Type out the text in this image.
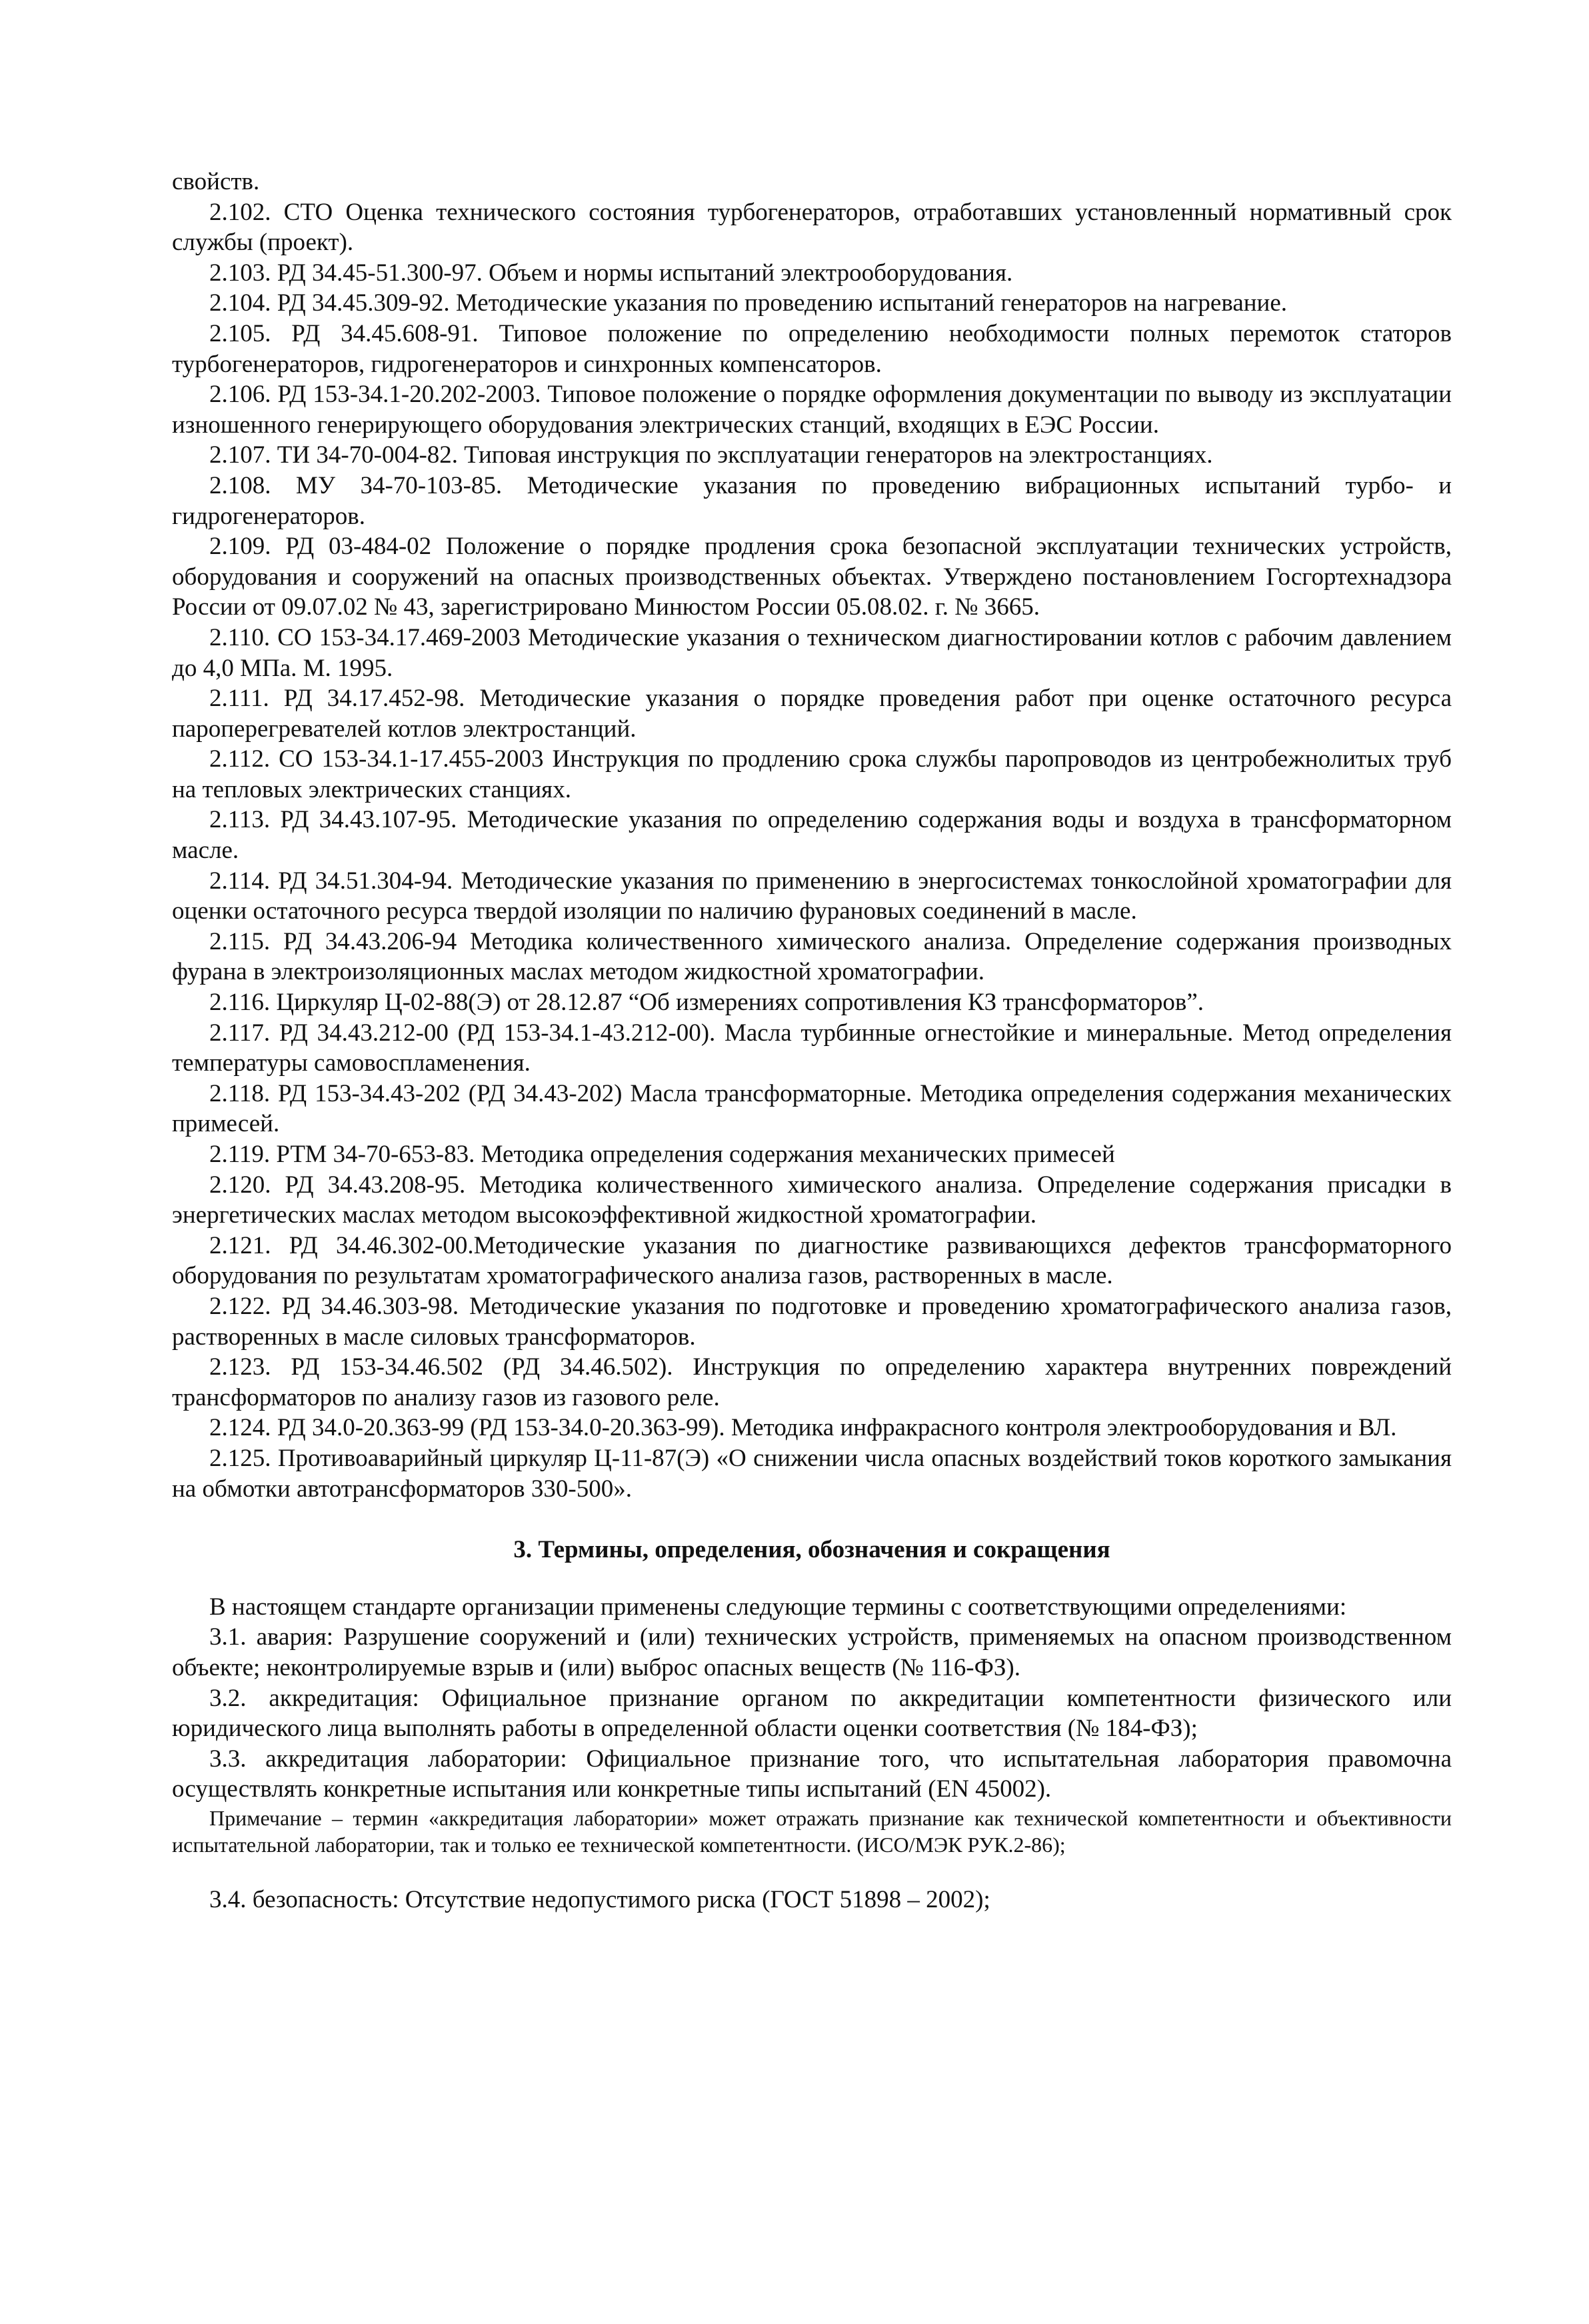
свойств.

2.102. СТО Оценка технического состояния турбогенераторов, отработавших установленный нормативный срок службы (проект).

2.103. РД 34.45-51.300-97. Объем и нормы испытаний электрооборудования.

2.104. РД 34.45.309-92. Методические указания по проведению испытаний генераторов на нагревание.

2.105. РД 34.45.608-91. Типовое положение по определению необходимости полных перемоток статоров турбогенераторов, гидрогенераторов и синхронных компенсаторов.

2.106. РД 153-34.1-20.202-2003. Типовое положение о порядке оформления документации по выводу из эксплуатации изношенного генерирующего оборудования электрических станций, входящих в ЕЭС России.

2.107. ТИ 34-70-004-82. Типовая инструкция по эксплуатации генераторов на электростанциях.

2.108. МУ 34-70-103-85. Методические указания по проведению вибрационных испытаний турбо- и гидрогенераторов.

2.109. РД 03-484-02 Положение о порядке продления срока безопасной эксплуатации технических устройств, оборудования и сооружений на опасных производственных объектах. Утверждено постановлением Госгортехнадзора России от 09.07.02 № 43, зарегистрировано Минюстом России 05.08.02. г. № 3665.

2.110. СО 153-34.17.469-2003 Методические указания о техническом диагностировании котлов с рабочим давлением до 4,0 МПа. М. 1995.

2.111. РД 34.17.452-98. Методические указания о порядке проведения работ при оценке остаточного ресурса пароперегревателей котлов электростанций.

2.112. СО 153-34.1-17.455-2003 Инструкция по продлению срока службы паропроводов из центробежнолитых труб на тепловых электрических станциях.

2.113. РД 34.43.107-95. Методические указания по определению содержания воды и воздуха в трансформаторном масле.

2.114. РД 34.51.304-94. Методические указания по применению в энергосистемах тонкослойной хроматографии для оценки остаточного ресурса твердой изоляции по наличию фурановых соединений в масле.

2.115. РД 34.43.206-94 Методика количественного химического анализа. Определение содержания производных фурана в электроизоляционных маслах методом жидкостной хроматографии.

2.116. Циркуляр Ц-02-88(Э) от 28.12.87 “Об измерениях сопротивления КЗ трансформаторов”.

2.117. РД 34.43.212-00 (РД 153-34.1-43.212-00). Масла турбинные огнестойкие и минеральные. Метод определения температуры самовоспламенения.

2.118. РД 153-34.43-202 (РД 34.43-202) Масла трансформаторные. Методика определения содержания механических примесей.

2.119. РТМ 34-70-653-83. Методика определения содержания механических примесей

2.120. РД 34.43.208-95. Методика количественного химического анализа. Определение содержания присадки в энергетических маслах методом высокоэффективной жидкостной хроматографии.

2.121. РД 34.46.302-00.Методические указания по диагностике развивающихся дефектов трансформаторного оборудования по результатам хроматографического анализа газов, растворенных в масле.

2.122. РД 34.46.303-98. Методические указания по подготовке и проведению хроматографического анализа газов, растворенных в масле силовых трансформаторов.

2.123. РД 153-34.46.502 (РД 34.46.502). Инструкция по определению характера внутренних повреждений трансформаторов по анализу газов из газового реле.

2.124. РД 34.0-20.363-99 (РД 153-34.0-20.363-99). Методика инфракрасного контроля электрооборудования и ВЛ.

2.125. Противоаварийный циркуляр Ц-11-87(Э) «О снижении числа опасных воздействий токов короткого замыкания на обмотки автотрансформаторов 330-500».

3. Термины, определения, обозначения и сокращения

В настоящем стандарте организации применены следующие термины с соответствующими определениями:

3.1. авария: Разрушение сооружений и (или) технических устройств, применяемых на опасном производственном объекте; неконтролируемые взрыв и (или) выброс опасных веществ (№ 116-ФЗ).

3.2. аккредитация: Официальное признание органом по аккредитации компетентности физического или юридического лица выполнять работы в определенной области оценки соответствия (№ 184-ФЗ);

3.3. аккредитация лаборатории: Официальное признание того, что испытательная лаборатория правомочна осуществлять конкретные испытания или конкретные типы испытаний (EN 45002).

Примечание – термин «аккредитация лаборатории» может отражать признание как технической компетентности и объективности испытательной лаборатории, так и только ее технической компетентности. (ИСО/МЭК РУК.2-86);

3.4. безопасность: Отсутствие недопустимого риска (ГОСТ 51898 – 2002);
